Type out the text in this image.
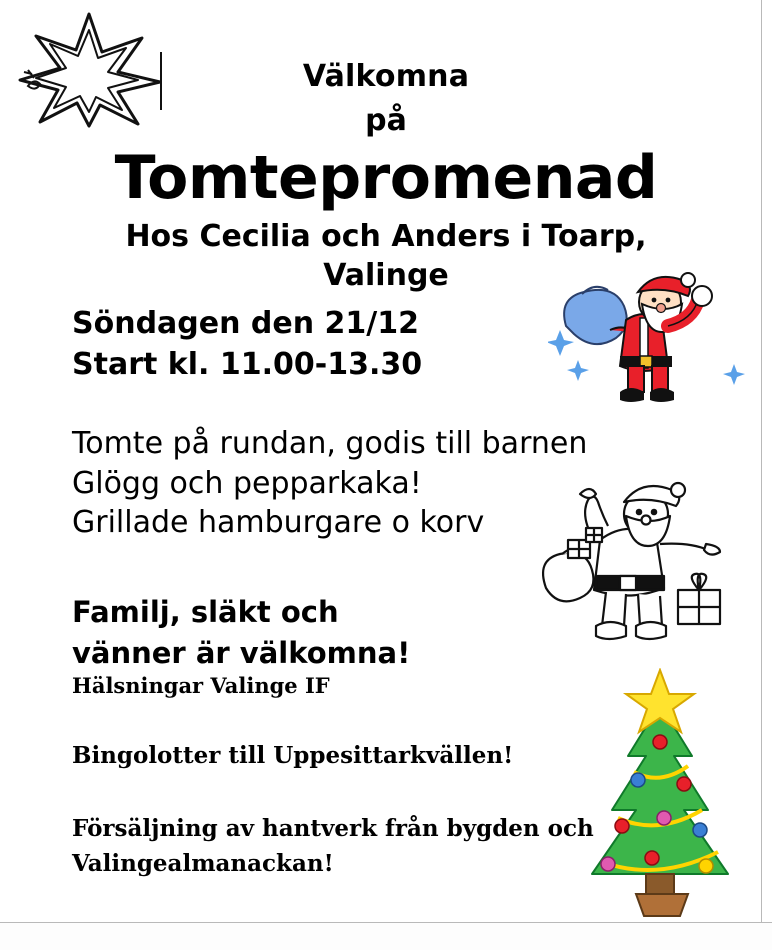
Välkomna
på
Tomtepromenad
Hos Cecilia och Anders i Toarp, Valinge
Söndagen den 21/12
Start kl. 11.00-13.30
Tomte på rundan, godis till barnen
Glögg och pepparkaka!
Grillade hamburgare o korv
Familj, släkt och
vänner är välkomna!
Hälsningar Valinge IF
Bingolotter till Uppesittarkvällen!
Försäljning av hantverk från bygden och
Valingealmanackan!
